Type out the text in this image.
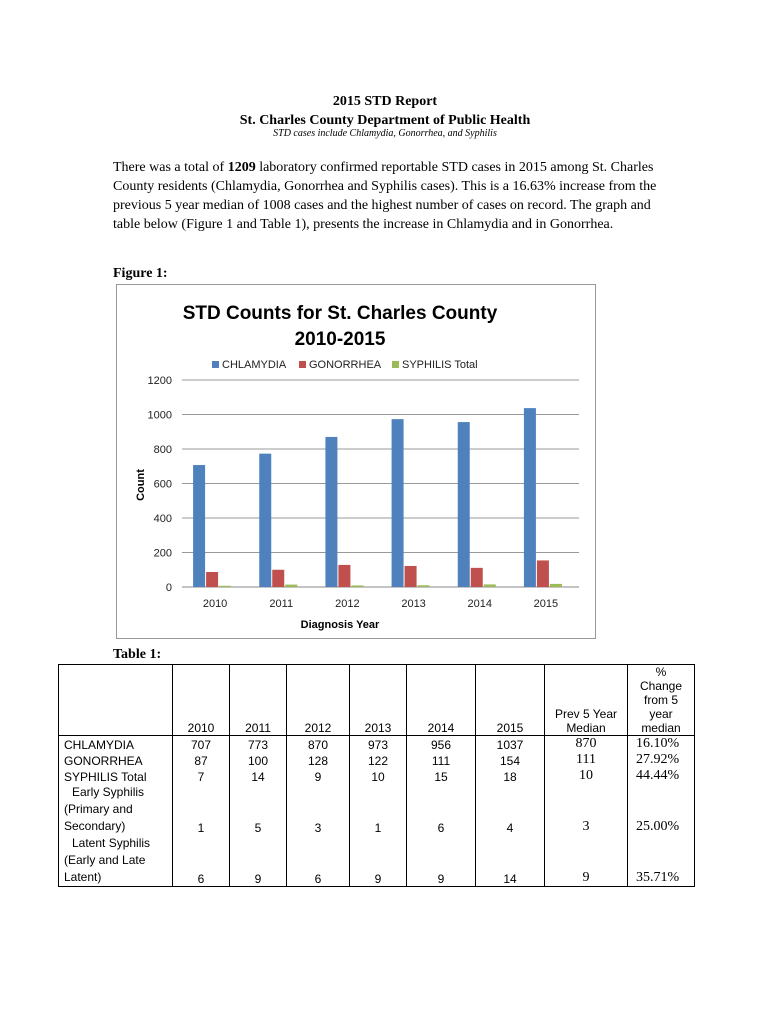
2015 STD Report
St. Charles County Department of Public Health
STD cases include Chlamydia, Gonorrhea, and Syphilis
There was a total of 1209 laboratory confirmed reportable STD cases in 2015 among St. Charles County residents (Chlamydia, Gonorrhea and Syphilis cases). This is a 16.63% increase from the previous 5 year median of 1008 cases and the highest number of cases on record. The graph and table below (Figure 1 and Table 1), presents the increase in Chlamydia and in Gonorrhea.
Figure 1:
STD Counts for St. Charles County
2010-2015
CHLAMYDIA GONORRHEA SYPHILIS Total
0
200
400
600
800
1000
1200
2010	2011	2012	2013	2014	2015
Diagnosis Year
Count
Table 1:
	2010	2011	2012	2013	2014	2015	Prev 5 Year Median	% Change from 5 year median
CHLAMYDIA	707	773	870	973	956	1037	870	16.10%
GONORRHEA	87	100	128	122	111	154	111	27.92%
SYPHILIS Total	7	14	9	10	15	18	10	44.44%
Early Syphilis (Primary and Secondary)	1	5	3	1	6	4	3	25.00%
Latent Syphilis (Early and Late Latent)	6	9	6	9	9	14	9	35.71%
